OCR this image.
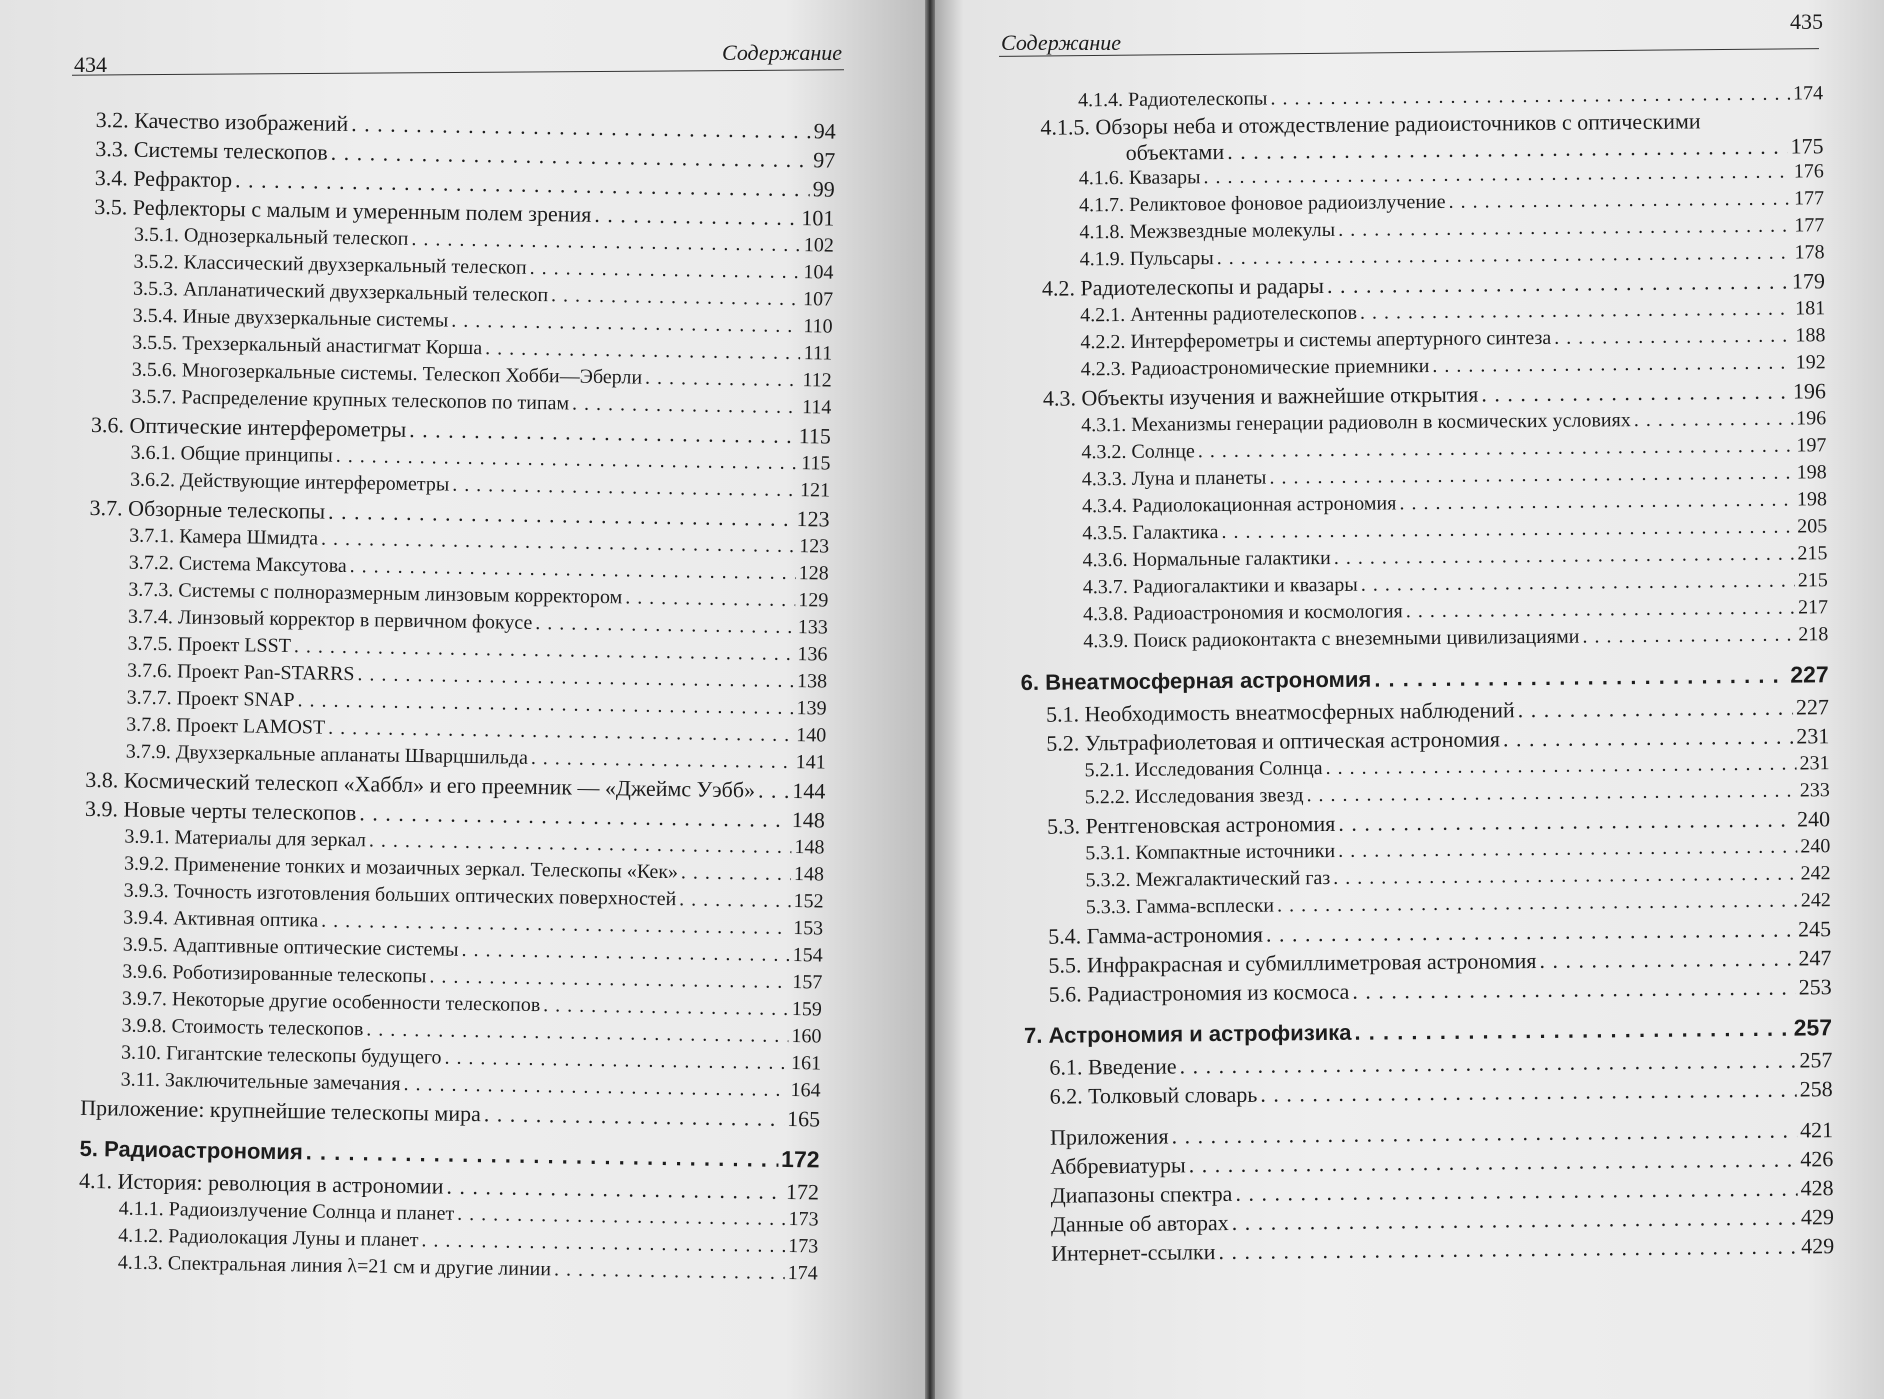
434	Содержание
3.2. Качество изображений . . .	94
3.3. Системы телескопов . . .	97
3.4. Рефрактор . . .	99
3.5. Рефлекторы с малым и умеренным полем зрения . . .	101
3.5.1. Однозеркальный телескоп . . .	102
3.5.2. Классический двухзеркальный телескоп . . .	104
3.5.3. Апланатический двухзеркальный телескоп . . .	107
3.5.4. Иные двухзеркальные системы . . .	110
3.5.5. Трехзеркальный анастигмат Корша . . .	111
3.5.6. Многозеркальные системы. Телескоп Хобби—Эберли . . .	112
3.5.7. Распределение крупных телескопов по типам . . .	114
3.6. Оптические интерферометры . . .	115
3.6.1. Общие принципы . . .	115
3.6.2. Действующие интерферометры . . .	121
3.7. Обзорные телескопы . . .	123
3.7.1. Камера Шмидта . . .	123
3.7.2. Система Максутова . . .	128
3.7.3. Системы с полноразмерным линзовым корректором . . .	129
3.7.4. Линзовый корректор в первичном фокусе . . .	133
3.7.5. Проект LSST . . .	136
3.7.6. Проект Pan-STARRS . . .	138
3.7.7. Проект SNAP . . .	139
3.7.8. Проект LAMOST . . .	140
3.7.9. Двухзеркальные апланаты Шварцшильда . . .	141
3.8. Космический телескоп «Хаббл» и его преемник — «Джеймс Уэбб» . . . 144
3.9. Новые черты телескопов . . .	148
3.9.1. Материалы для зеркал . . .	148
3.9.2. Применение тонких и мозаичных зеркал. Телескопы «Кек» . . .	148
3.9.3. Точность изготовления больших оптических поверхностей . . .	152
3.9.4. Активная оптика . . .	153
3.9.5. Адаптивные оптические системы . . .	154
3.9.6. Роботизированные телескопы . . .	157
3.9.7. Некоторые другие особенности телескопов . . .	159
3.9.8. Стоимость телескопов . . .	160
3.10. Гигантские телескопы будущего . . .	161
3.11. Заключительные замечания . . .	164
Приложение: крупнейшие телескопы мира . . .	165
5. Радиоастрономия . . .	172
4.1. История: революция в астрономии . . .	172
4.1.1. Радиоизлучение Солнца и планет . . .	173
4.1.2. Радиолокация Луны и планет . . .	173
4.1.3. Спектральная линия λ=21 см и другие линии . . .	174
435
Содержание
4.1.4. Радиотелескопы . . .	174
4.1.5. Обзоры неба и отождествление радиоисточников с оптическими
объектами . . .	175
4.1.6. Квазары . . .	176
4.1.7. Реликтовое фоновое радиоизлучение . . .	177
4.1.8. Межзвездные молекулы . . .	177
4.1.9. Пульсары . . .	178
4.2. Радиотелескопы и радары . . .	179
4.2.1. Антенны радиотелескопов . . .	181
4.2.2. Интерферометры и системы апертурного синтеза . . .	188
4.2.3. Радиоастрономические приемники . . .	192
4.3. Объекты изучения и важнейшие открытия . . .	196
4.3.1. Механизмы генерации радиоволн в космических условиях . . .	196
4.3.2. Солнце . . .	197
4.3.3. Луна и планеты . . .	198
4.3.4. Радиолокационная астрономия . . .	198
4.3.5. Галактика . . .	205
4.3.6. Нормальные галактики . . .	215
4.3.7. Радиогалактики и квазары . . .	215
4.3.8. Радиоастрономия и космология . . .	217
4.3.9. Поиск радиоконтакта с внеземными цивилизациями . . .	218
6. Внеатмосферная астрономия . . .	227
5.1. Необходимость внеатмосферных наблюдений . . .	227
5.2. Ультрафиолетовая и оптическая астрономия . . .	231
5.2.1. Исследования Солнца . . .	231
5.2.2. Исследования звезд . . .	233
5.3. Рентгеновская астрономия . . .	240
5.3.1. Компактные источники . . .	240
5.3.2. Межгалактический газ . . .	242
5.3.3. Гамма-всплески . . .	242
5.4. Гамма-астрономия . . .	245
5.5. Инфракрасная и субмиллиметровая астрономия . . .	247
5.6. Радиастрономия из космоса . . .	253
7. Астрономия и астрофизика . . .	257
6.1. Введение . . .	257
6.2. Толковый словарь . . .	258
Приложения . . .	421
Аббревиатуры . . .	426
Диапазоны спектра . . .	428
Данные об авторах . . .	429
Интернет-ссылки . . .	429
